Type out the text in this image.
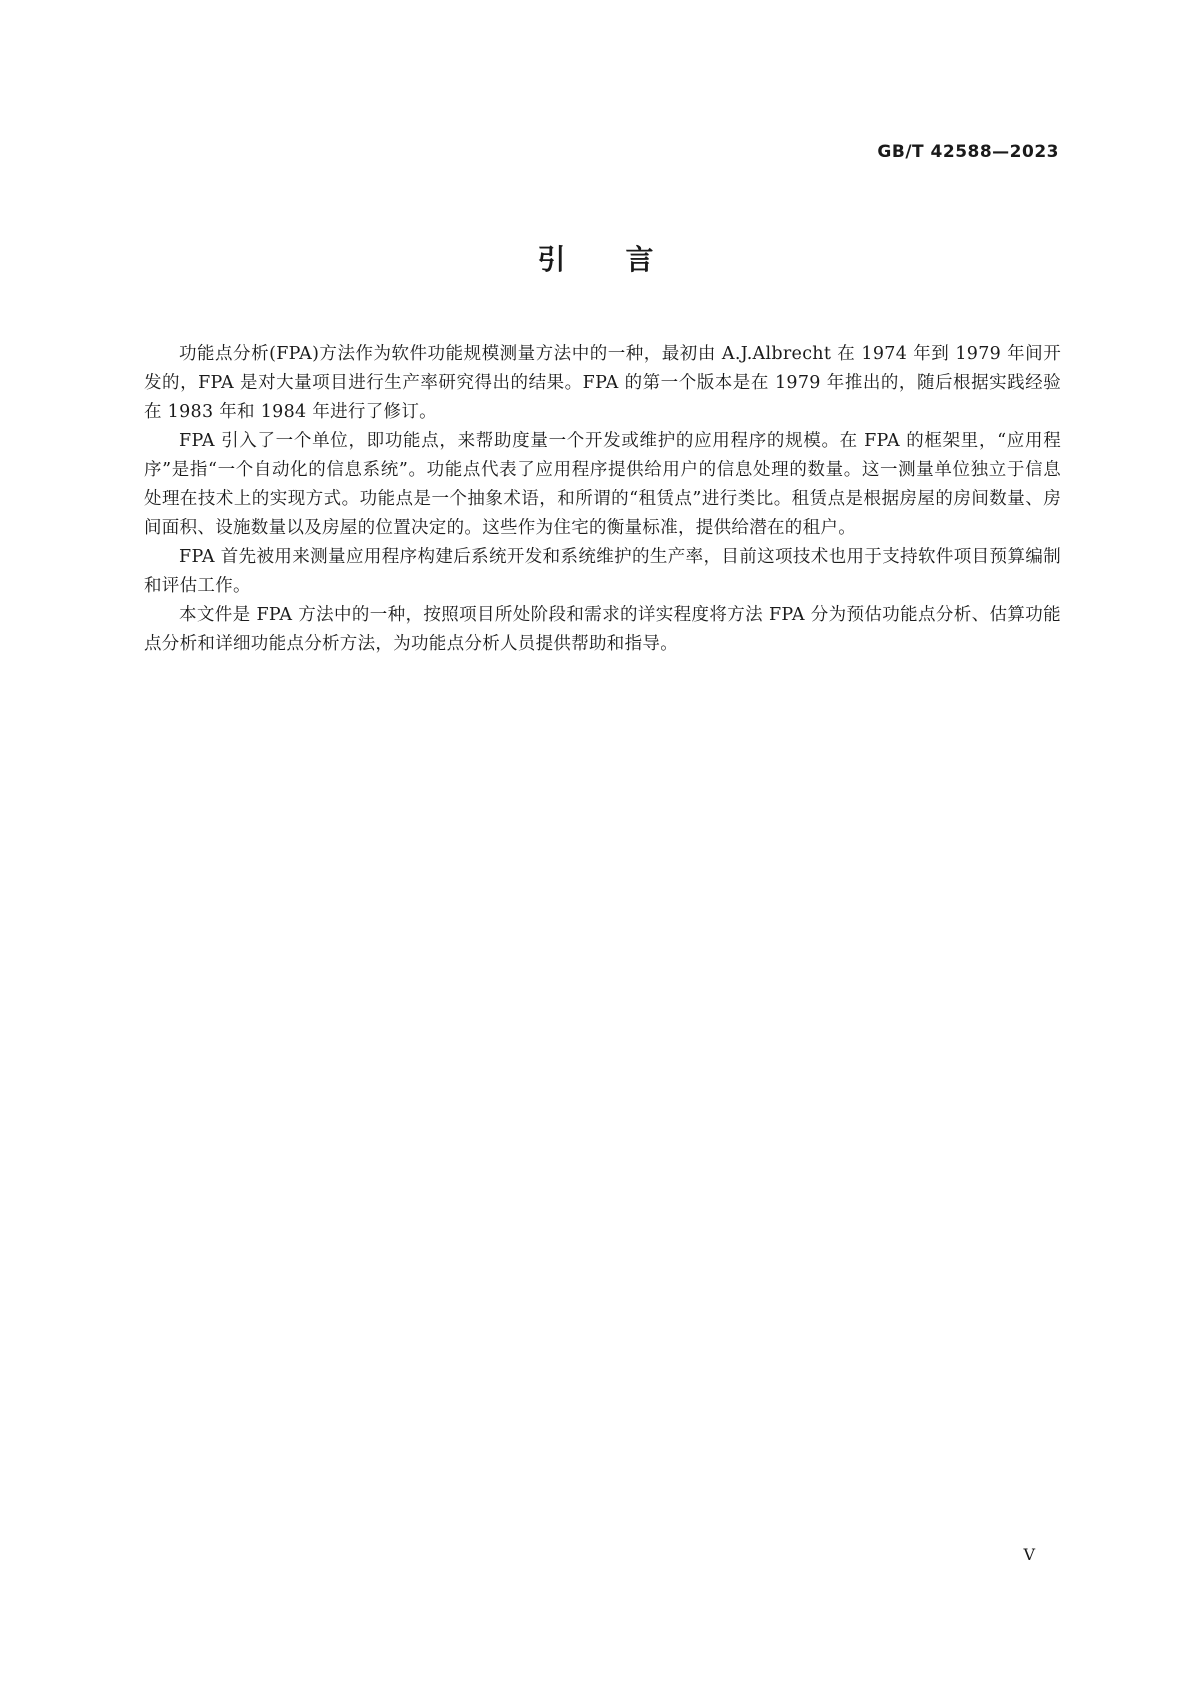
GB/T 42588—2023
引言

功能点分析(FPA)方法作为软件功能规模测量方法中的一种，最初由 A.J.Albrecht 在 1974 年到 1979 年间开发的，FPA 是对大量项目进行生产率研究得出的结果。FPA 的第一个版本是在 1979 年推出的，随后根据实践经验在 1983 年和 1984 年进行了修订。

FPA 引入了一个单位，即功能点，来帮助度量一个开发或维护的应用程序的规模。在 FPA 的框架里，“应用程序”是指“一个自动化的信息系统”。功能点代表了应用程序提供给用户的信息处理的数量。这一测量单位独立于信息处理在技术上的实现方式。功能点是一个抽象术语，和所谓的“租赁点”进行类比。租赁点是根据房屋的房间数量、房间面积、设施数量以及房屋的位置决定的。这些作为住宅的衡量标准，提供给潜在的租户。

FPA 首先被用来测量应用程序构建后系统开发和系统维护的生产率，目前这项技术也用于支持软件项目预算编制和评估工作。

本文件是 FPA 方法中的一种，按照项目所处阶段和需求的详实程度将方法 FPA 分为预估功能点分析、估算功能点分析和详细功能点分析方法，为功能点分析人员提供帮助和指导。

V
